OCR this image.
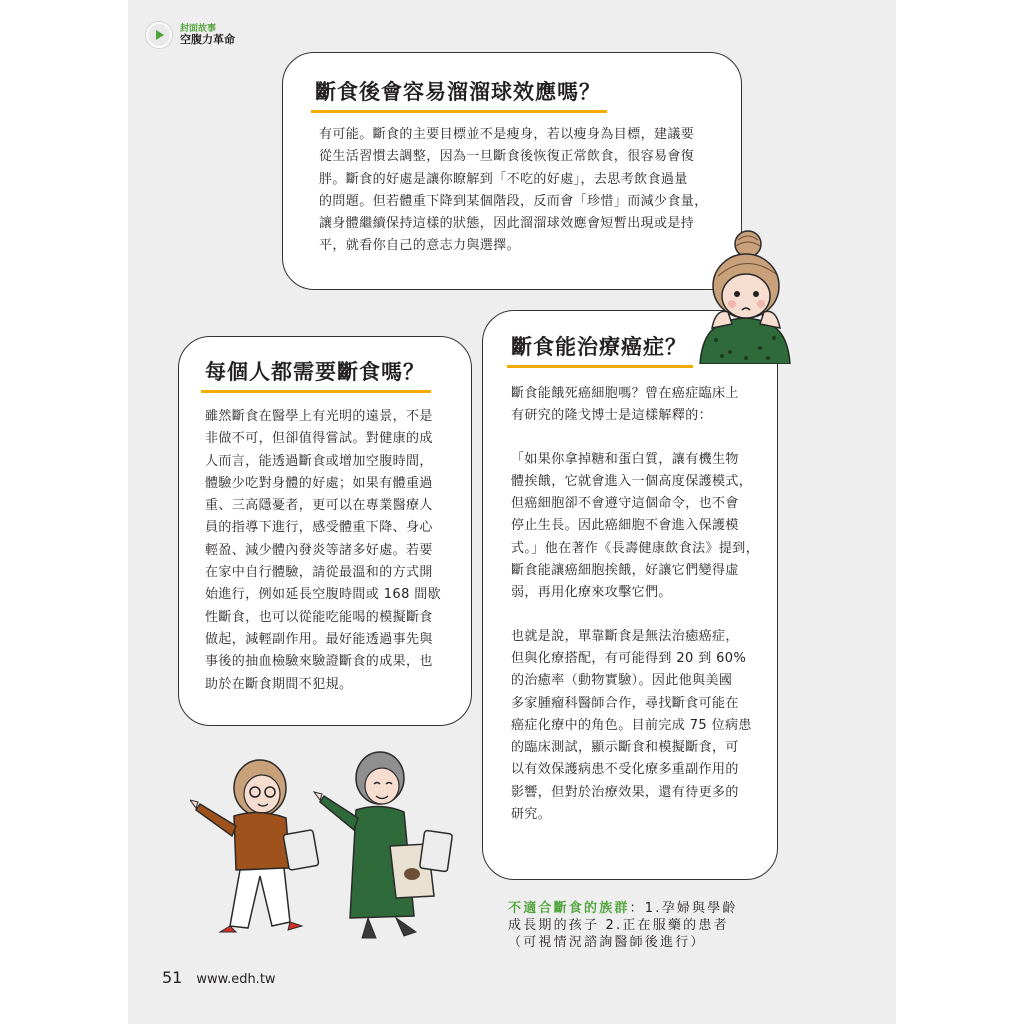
封面故事
空腹力革命
斷食後會容易溜溜球效應嗎？

有可能。斷食的主要目標並不是瘦身，若以瘦身為目標，建議要
從生活習慣去調整，因為一旦斷食後恢復正常飲食，很容易會復
胖。斷食的好處是讓你瞭解到「不吃的好處」，去思考飲食過量
的問題。但若體重下降到某個階段，反而會「珍惜」而減少食量，
讓身體繼續保持這樣的狀態，因此溜溜球效應會短暫出現或是持
平，就看你自己的意志力與選擇。

每個人都需要斷食嗎？

雖然斷食在醫學上有光明的遠景，不是
非做不可，但卻值得嘗試。對健康的成
人而言，能透過斷食或增加空腹時間，
體驗少吃對身體的好處；如果有體重過
重、三高隱憂者，更可以在專業醫療人
員的指導下進行，感受體重下降、身心
輕盈、減少體內發炎等諸多好處。若要
在家中自行體驗，請從最溫和的方式開
始進行，例如延長空腹時間或 168 間歇
性斷食，也可以從能吃能喝的模擬斷食
做起，減輕副作用。最好能透過事先與
事後的抽血檢驗來驗證斷食的成果，也
助於在斷食期間不犯規。

斷食能治療癌症？

斷食能餓死癌細胞嗎？曾在癌症臨床上
有研究的隆戈博士是這樣解釋的：

「如果你拿掉糖和蛋白質，讓有機生物
體挨餓，它就會進入一個高度保護模式，
但癌細胞卻不會遵守這個命令，也不會
停止生長。因此癌細胞不會進入保護模
式。」他在著作《長壽健康飲食法》提到，
斷食能讓癌細胞挨餓，好讓它們變得虛
弱，再用化療來攻擊它們。

也就是說，單靠斷食是無法治癒癌症，
但與化療搭配，有可能得到 20 到 60%
的治癒率（動物實驗）。因此他與美國
多家腫瘤科醫師合作，尋找斷食可能在
癌症化療中的角色。目前完成 75 位病患
的臨床測試，顯示斷食和模擬斷食，可
以有效保護病患不受化療多重副作用的
影響，但對於治療效果，還有待更多的
研究。

不適合斷食的族群：1.孕婦與學齡
成長期的孩子 2.正在服藥的患者
（可視情況諮詢醫師後進行）
51 www.edh.tw
